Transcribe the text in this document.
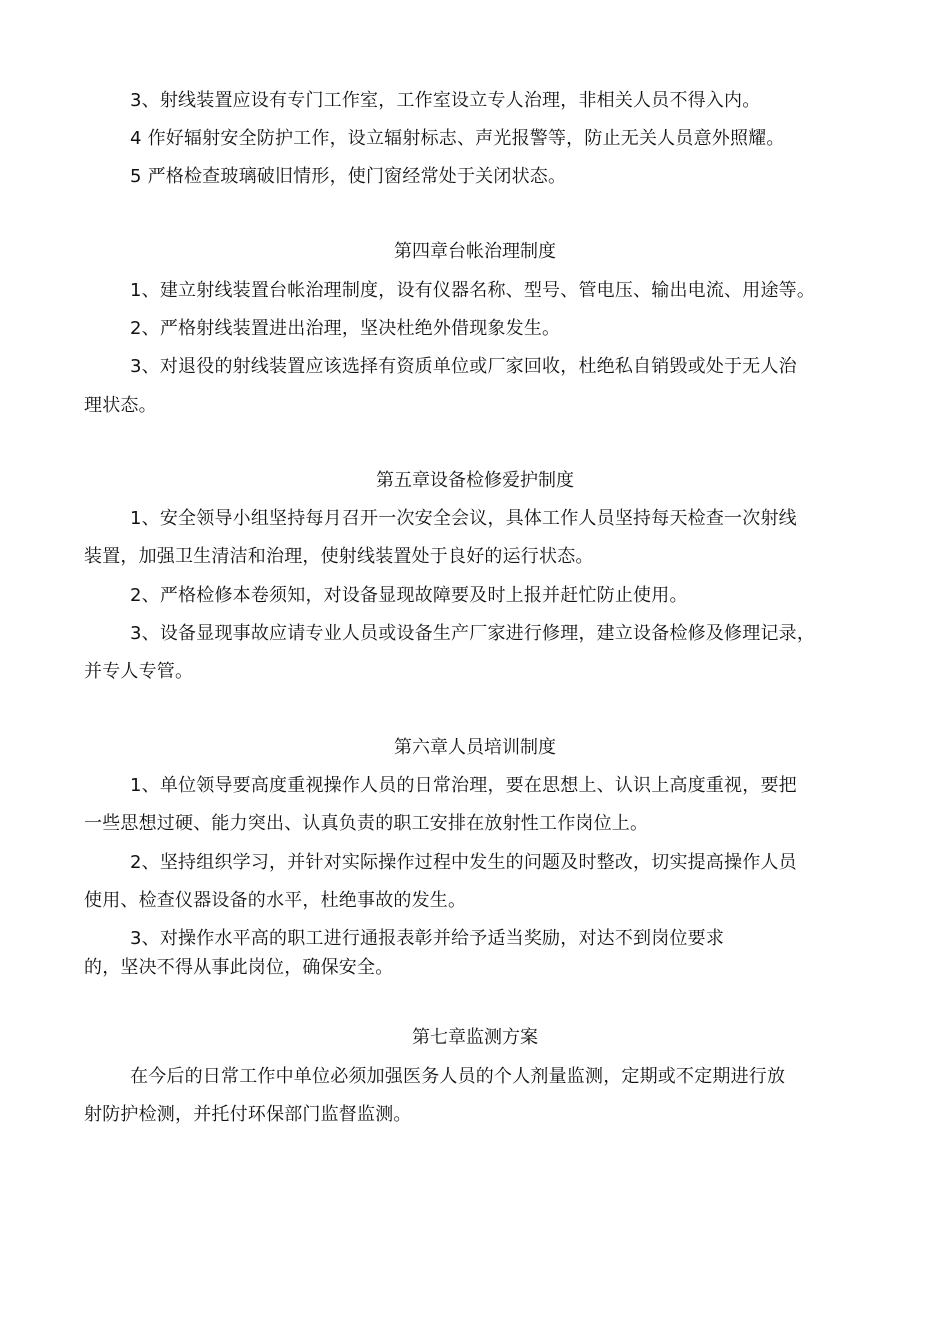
3、射线装置应设有专门工作室，工作室设立专人治理，非相关人员不得入内。
4 作好辐射安全防护工作，设立辐射标志、声光报警等，防止无关人员意外照耀。
5 严格检查玻璃破旧情形，使门窗经常处于关闭状态。
第四章台帐治理制度
1、建立射线装置台帐治理制度，设有仪器名称、型号、管电压、输出电流、用途等。
2、严格射线装置进出治理，坚决杜绝外借现象发生。
3、对退役的射线装置应该选择有资质单位或厂家回收，杜绝私自销毁或处于无人治
理状态。
第五章设备检修爱护制度
1、安全领导小组坚持每月召开一次安全会议，具体工作人员坚持每天检查一次射线
装置，加强卫生清洁和治理，使射线装置处于良好的运行状态。
2、严格检修本卷须知，对设备显现故障要及时上报并赶忙防止使用。
3、设备显现事故应请专业人员或设备生产厂家进行修理，建立设备检修及修理记录，
并专人专管。
第六章人员培训制度
1、单位领导要高度重视操作人员的日常治理，要在思想上、认识上高度重视，要把
一些思想过硬、能力突出、认真负责的职工安排在放射性工作岗位上。
2、坚持组织学习，并针对实际操作过程中发生的问题及时整改，切实提高操作人员
使用、检查仪器设备的水平，杜绝事故的发生。
3、对操作水平高的职工进行通报表彰并给予适当奖励，对达不到岗位要求
的，坚决不得从事此岗位，确保安全。
第七章监测方案
在今后的日常工作中单位必须加强医务人员的个人剂量监测，定期或不定期进行放
射防护检测，并托付环保部门监督监测。
